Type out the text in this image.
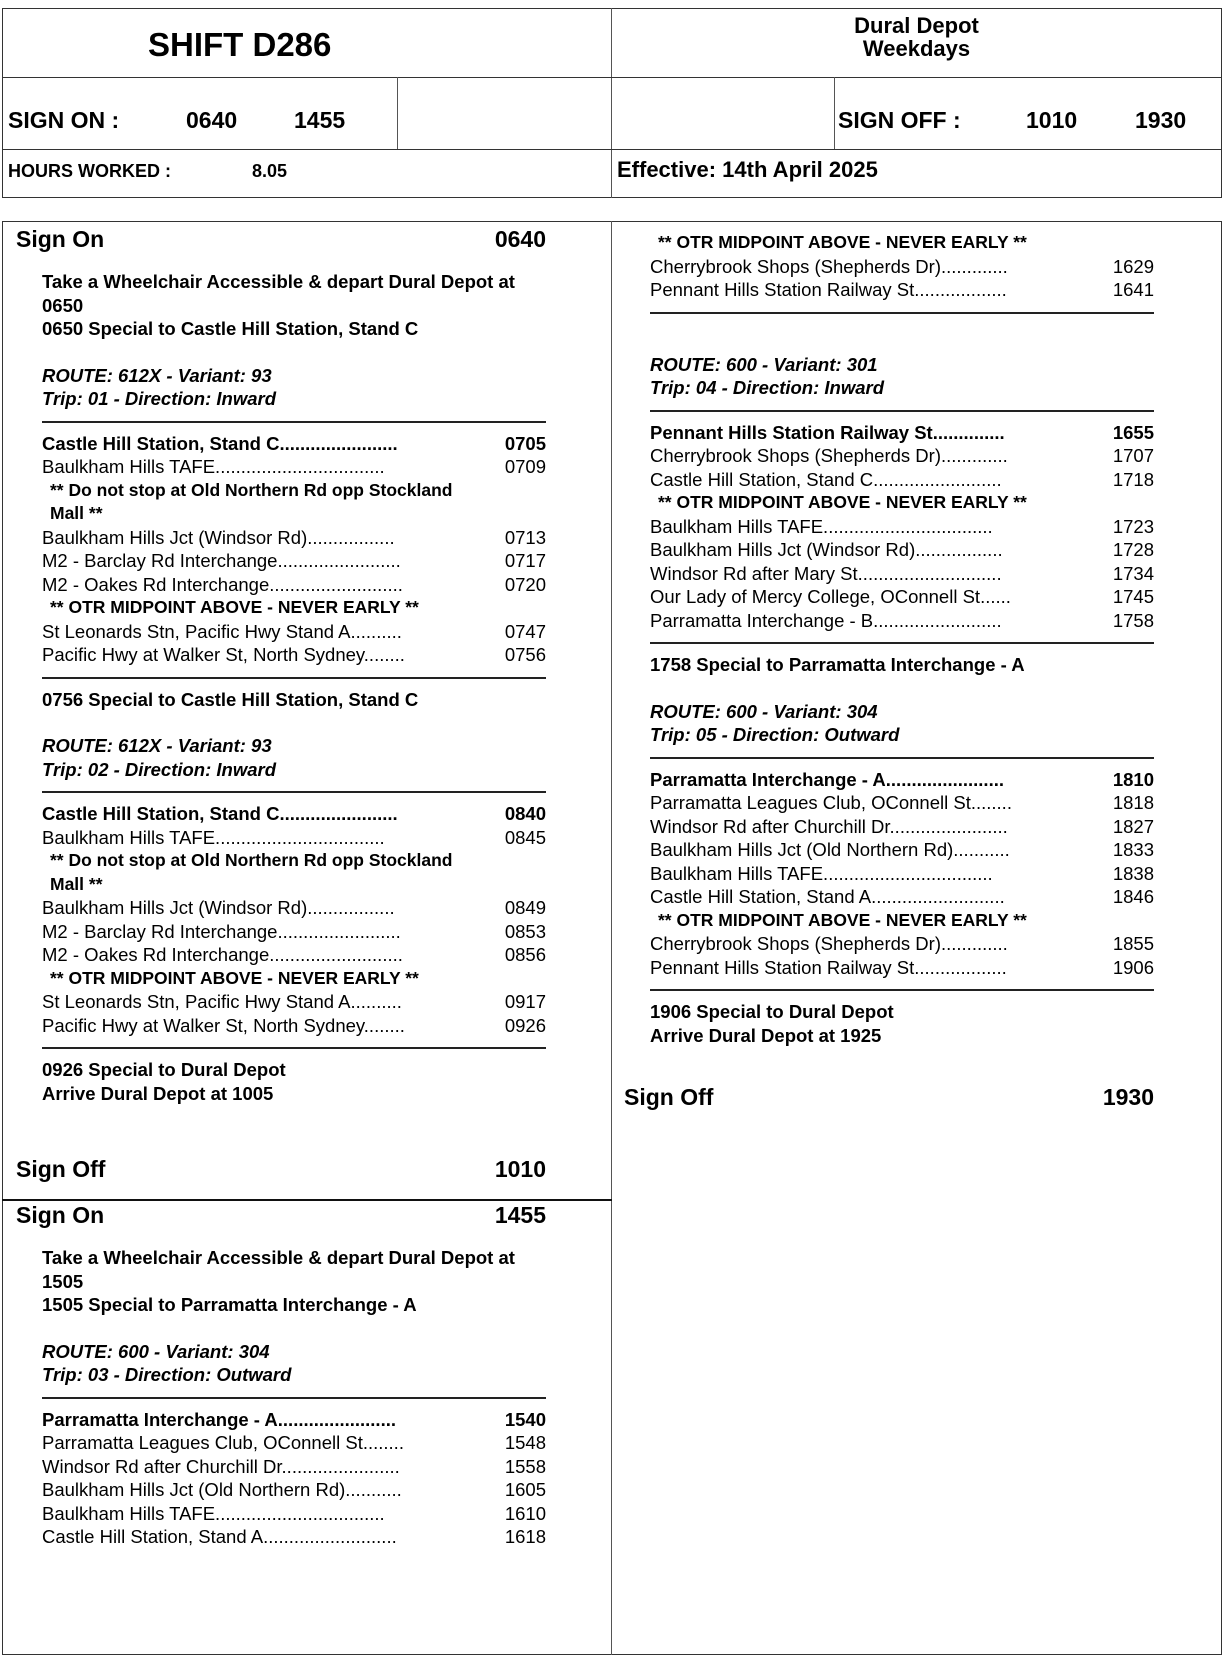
SHIFT D286
Dural Depot
Weekdays
SIGN ON :	0640 1455	SIGN OFF :	1010	1930
HOURS WORKED :	8.05	Effective: 14th April 2025
Sign On	0640
Take a Wheelchair Accessible & depart Dural Depot at
0650
0650 Special to Castle Hill Station, Stand C
ROUTE: 612X - Variant: 93
Trip: 01 - Direction: Inward
Castle Hill Station, Stand C.......................	0705
Baulkham Hills TAFE.................................	0709
** Do not stop at Old Northern Rd opp Stockland
Mall **
Baulkham Hills Jct (Windsor Rd).................	0713
M2 - Barclay Rd Interchange........................	0717
M2 - Oakes Rd Interchange..........................	0720
** OTR MIDPOINT ABOVE - NEVER EARLY **
St Leonards Stn, Pacific Hwy Stand A..........	0747
Pacific Hwy at Walker St, North Sydney........	0756
0756 Special to Castle Hill Station, Stand C
ROUTE: 612X - Variant: 93
Trip: 02 - Direction: Inward
Castle Hill Station, Stand C.......................	0840
Baulkham Hills TAFE.................................	0845
** Do not stop at Old Northern Rd opp Stockland
Mall **
Baulkham Hills Jct (Windsor Rd).................	0849
M2 - Barclay Rd Interchange........................	0853
M2 - Oakes Rd Interchange..........................	0856
** OTR MIDPOINT ABOVE - NEVER EARLY **
St Leonards Stn, Pacific Hwy Stand A..........	0917
Pacific Hwy at Walker St, North Sydney........	0926
0926 Special to Dural Depot
Arrive Dural Depot at 1005
Sign Off	1010
Sign On	1455
Take a Wheelchair Accessible & depart Dural Depot at
1505
1505 Special to Parramatta Interchange - A
ROUTE: 600 - Variant: 304
Trip: 03 - Direction: Outward
Parramatta Interchange - A.......................	1540
Parramatta Leagues Club, OConnell St........	1548
Windsor Rd after Churchill Dr.......................	1558
Baulkham Hills Jct (Old Northern Rd)...........	1605
Baulkham Hills TAFE.................................	1610
Castle Hill Station, Stand A..........................	1618
** OTR MIDPOINT ABOVE - NEVER EARLY **
Cherrybrook Shops (Shepherds Dr).............	1629
Pennant Hills Station Railway St..................	1641
ROUTE: 600 - Variant: 301
Trip: 04 - Direction: Inward
Pennant Hills Station Railway St..............	1655
Cherrybrook Shops (Shepherds Dr).............	1707
Castle Hill Station, Stand C.........................	1718
** OTR MIDPOINT ABOVE - NEVER EARLY **
Baulkham Hills TAFE.................................	1723
Baulkham Hills Jct (Windsor Rd).................	1728
Windsor Rd after Mary St............................	1734
Our Lady of Mercy College, OConnell St......	1745
Parramatta Interchange - B.........................	1758
1758 Special to Parramatta Interchange - A
ROUTE: 600 - Variant: 304
Trip: 05 - Direction: Outward
Parramatta Interchange - A.......................	1810
Parramatta Leagues Club, OConnell St........	1818
Windsor Rd after Churchill Dr.......................	1827
Baulkham Hills Jct (Old Northern Rd)...........	1833
Baulkham Hills TAFE.................................	1838
Castle Hill Station, Stand A..........................	1846
** OTR MIDPOINT ABOVE - NEVER EARLY **
Cherrybrook Shops (Shepherds Dr).............	1855
Pennant Hills Station Railway St..................	1906
1906 Special to Dural Depot
Arrive Dural Depot at 1925
Sign Off	1930
